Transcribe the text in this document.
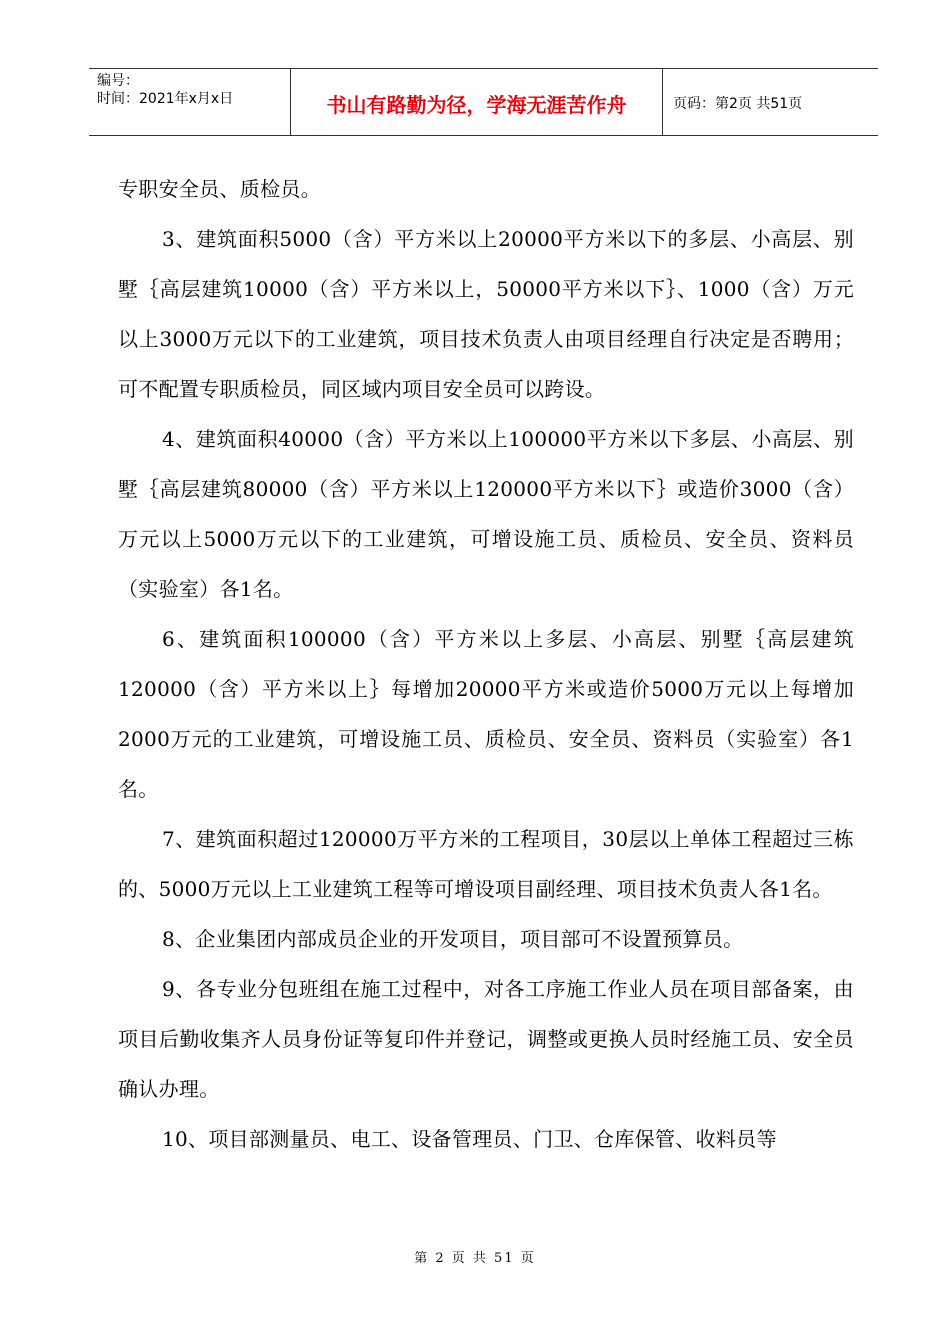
编号：
时间：2021年x月x日	书山有路勤为径，学海无涯苦作舟	页码：第2页 共51页

专职安全员、质检员。

3、建筑面积5000（含）平方米以上20000平方米以下的多层、小高层、别墅｛高层建筑10000（含）平方米以上，50000平方米以下｝、1000（含）万元以上3000万元以下的工业建筑，项目技术负责人由项目经理自行决定是否聘用；可不配置专职质检员，同区域内项目安全员可以跨设。

4、建筑面积40000（含）平方米以上100000平方米以下多层、小高层、别墅｛高层建筑80000（含）平方米以上120000平方米以下｝或造价3000（含）万元以上5000万元以下的工业建筑，可增设施工员、质检员、安全员、资料员（实验室）各1名。

6、建筑面积100000（含）平方米以上多层、小高层、别墅｛高层建筑120000（含）平方米以上｝每增加20000平方米或造价5000万元以上每增加2000万元的工业建筑，可增设施工员、质检员、安全员、资料员（实验室）各1名。

7、建筑面积超过120000万平方米的工程项目，30层以上单体工程超过三栋的、5000万元以上工业建筑工程等可增设项目副经理、项目技术负责人各1名。

8、企业集团内部成员企业的开发项目，项目部可不设置预算员。

9、各专业分包班组在施工过程中，对各工序施工作业人员在项目部备案，由项目后勤收集齐人员身份证等复印件并登记，调整或更换人员时经施工员、安全员确认办理。

10、项目部测量员、电工、设备管理员、门卫、仓库保管、收料员等

第 2 页 共 51 页
